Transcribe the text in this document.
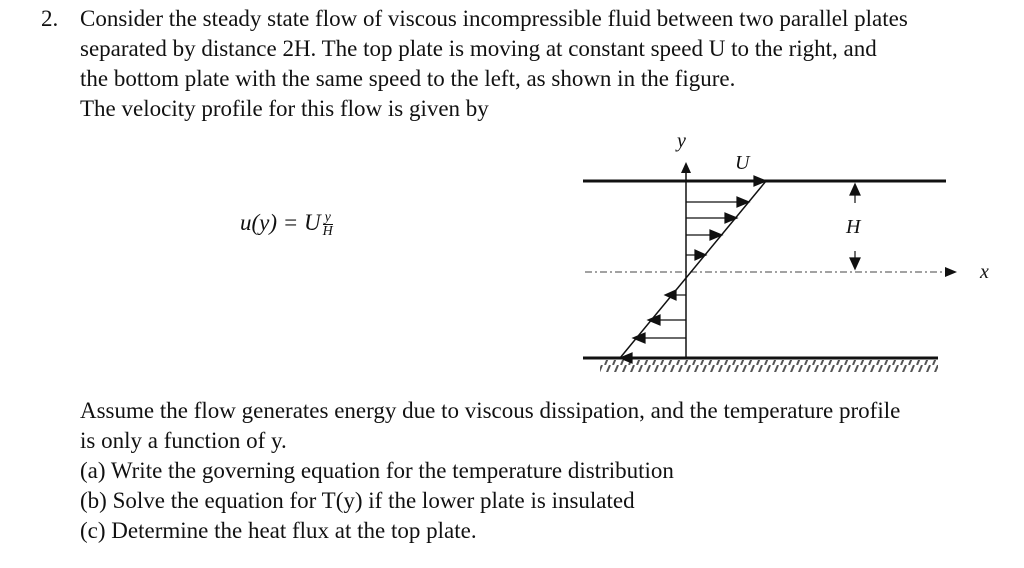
2. Consider the steady state flow of viscous incompressible fluid between two parallel plates
separated by distance 2H. The top plate is moving at constant speed U to the right, and
the bottom plate with the same speed to the left, as shown in the figure.
The velocity profile for this flow is given by
u(y) = U $\frac{y}{H}$
x
y
U
H
Assume the flow generates energy due to viscous dissipation, and the temperature profile
is only a function of y.
(a) Write the governing equation for the temperature distribution
(b) Solve the equation for T(y) if the lower plate is insulated
(c) Determine the heat flux at the top plate.
